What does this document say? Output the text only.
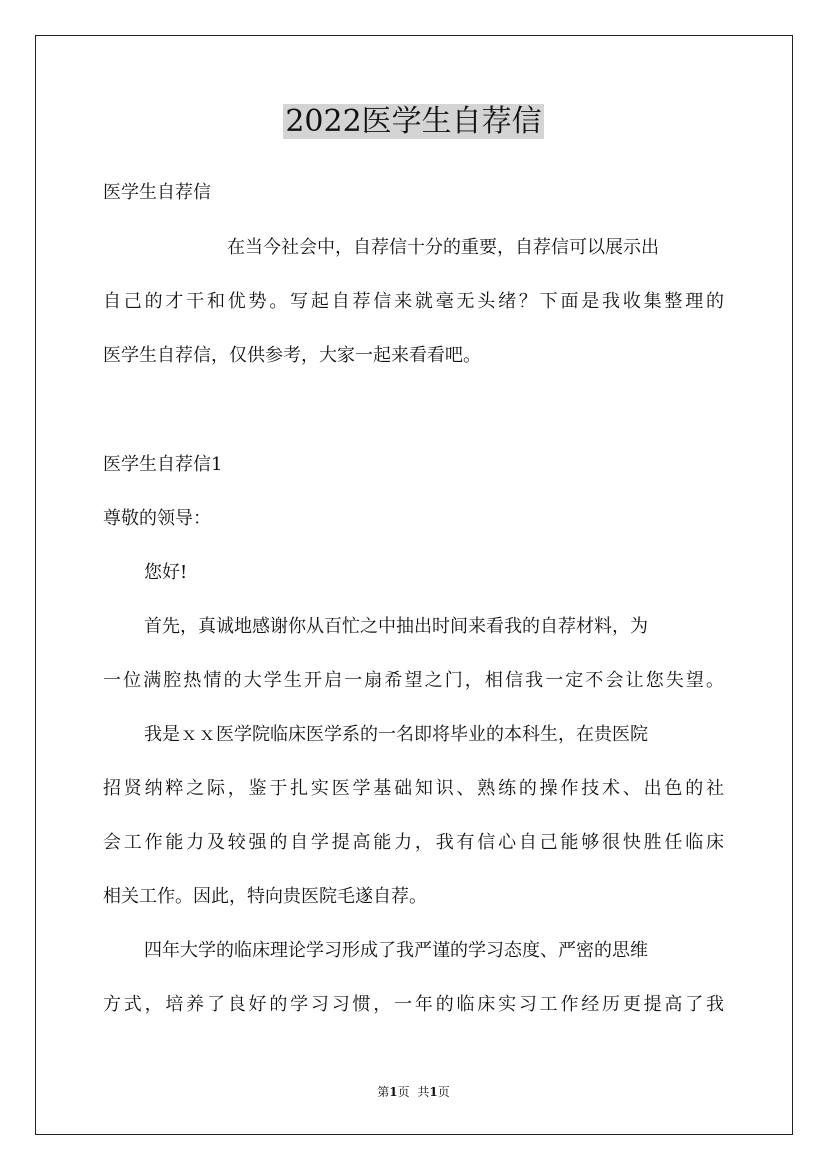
2022医学生自荐信
医学生自荐信
在当今社会中，自荐信十分的重要，自荐信可以展示出
自己的才干和优势。写起自荐信来就毫无头绪？下面是我收集整理的
医学生自荐信，仅供参考，大家一起来看看吧。
医学生自荐信1
尊敬的领导：
您好!
首先，真诚地感谢你从百忙之中抽出时间来看我的自荐材料，为
一位满腔热情的大学生开启一扇希望之门，相信我一定不会让您失望。
我是ｘｘ医学院临床医学系的一名即将毕业的本科生，在贵医院
招贤纳粹之际，鉴于扎实医学基础知识、熟练的操作技术、出色的社
会工作能力及较强的自学提高能力，我有信心自己能够很快胜任临床
相关工作。因此，特向贵医院毛遂自荐。
四年大学的临床理论学习形成了我严谨的学习态度、严密的思维
方式，培养了良好的学习习惯，一年的临床实习工作经历更提高了我
第1页 共1页
